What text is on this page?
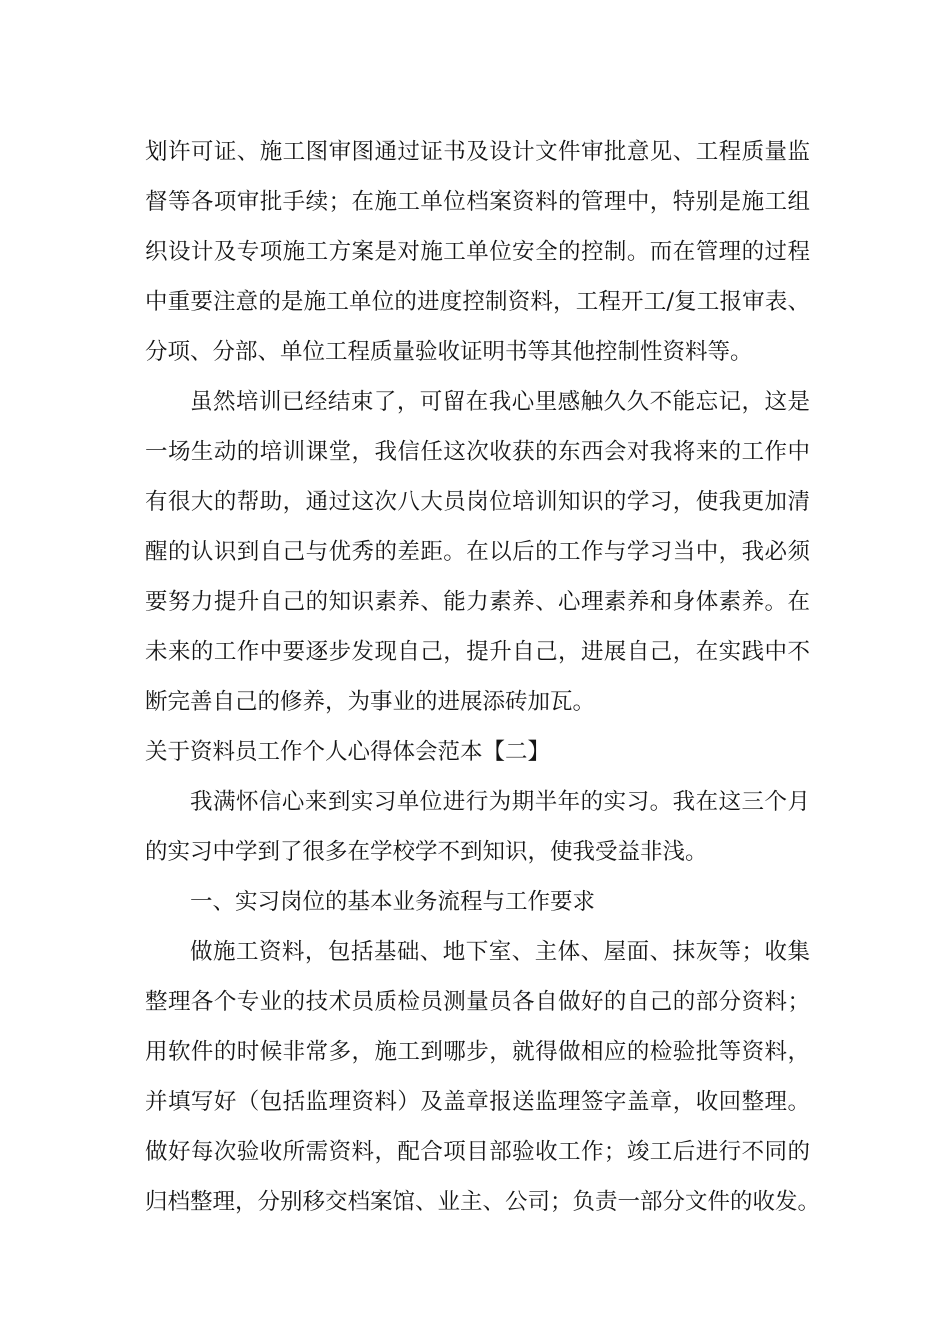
划许可证、施工图审图通过证书及设计文件审批意见、工程质量监
督等各项审批手续；在施工单位档案资料的管理中，特别是施工组
织设计及专项施工方案是对施工单位安全的控制。而在管理的过程
中重要注意的是施工单位的进度控制资料，工程开工/复工报审表、
分项、分部、单位工程质量验收证明书等其他控制性资料等。
虽然培训已经结束了，可留在我心里感触久久不能忘记，这是
一场生动的培训课堂，我信任这次收获的东西会对我将来的工作中
有很大的帮助，通过这次八大员岗位培训知识的学习，使我更加清
醒的认识到自己与优秀的差距。在以后的工作与学习当中，我必须
要努力提升自己的知识素养、能力素养、心理素养和身体素养。在
未来的工作中要逐步发现自己，提升自己，进展自己，在实践中不
断完善自己的修养，为事业的进展添砖加瓦。
关于资料员工作个人心得体会范本【二】
我满怀信心来到实习单位进行为期半年的实习。我在这三个月
的实习中学到了很多在学校学不到知识，使我受益非浅。
一、实习岗位的基本业务流程与工作要求
做施工资料，包括基础、地下室、主体、屋面、抹灰等；收集
整理各个专业的技术员质检员测量员各自做好的自己的部分资料；
用软件的时候非常多，施工到哪步，就得做相应的检验批等资料，
并填写好（包括监理资料）及盖章报送监理签字盖章，收回整理。
做好每次验收所需资料，配合项目部验收工作；竣工后进行不同的
归档整理，分别移交档案馆、业主、公司；负责一部分文件的收发。
